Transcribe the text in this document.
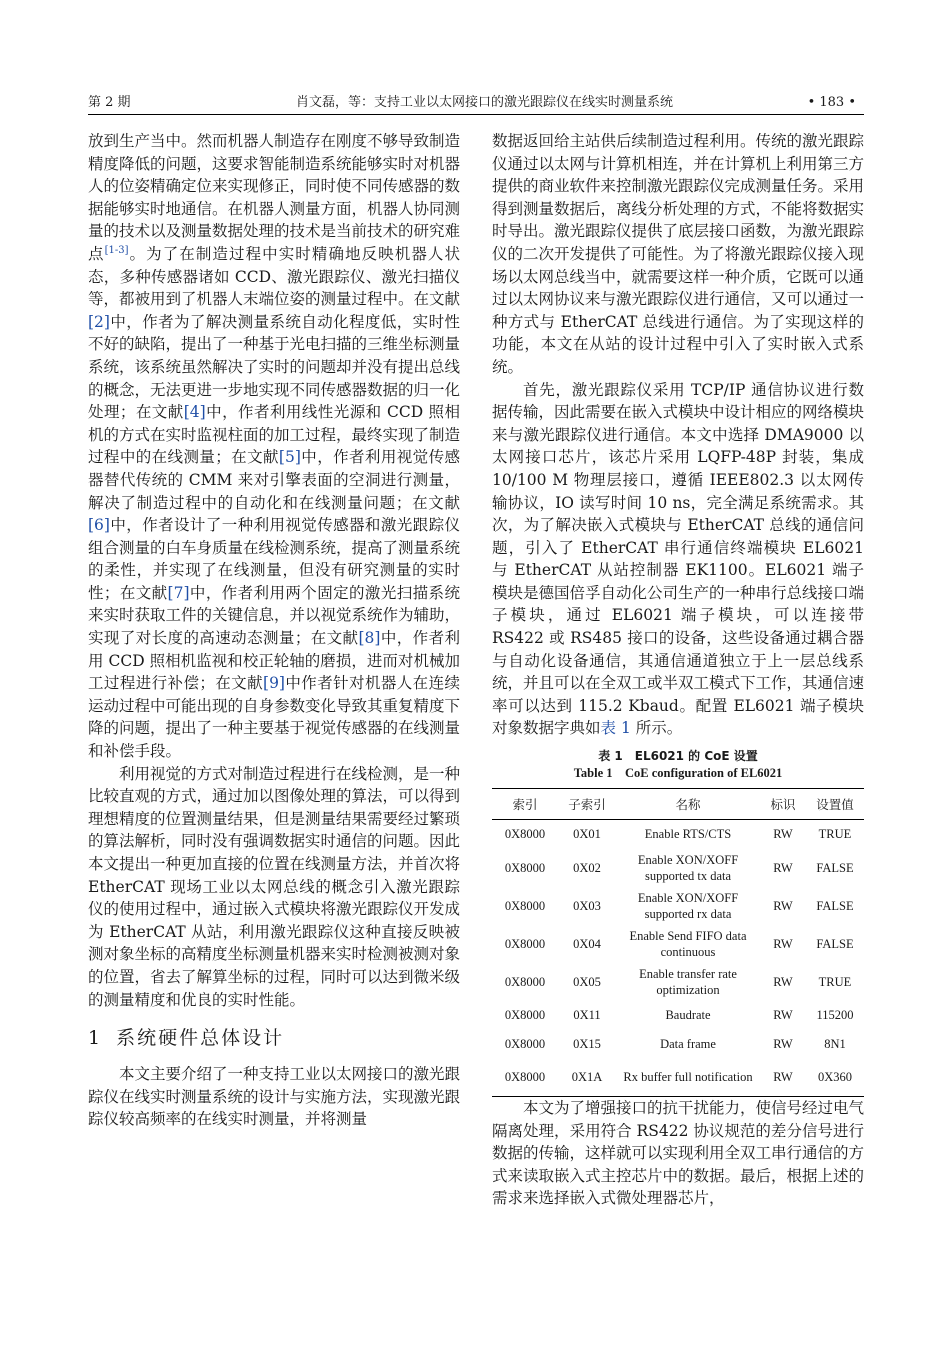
第 2 期	肖文磊，等：支持工业以太网接口的激光跟踪仪在线实时测量系统	• 183 •

放到生产当中。然而机器人制造存在刚度不够导致制造精度降低的问题，这要求智能制造系统能够实时对机器人的位姿精确定位来实现修正，同时使不同传感器的数据能够实时地通信。在机器人测量方面，机器人协同测量的技术以及测量数据处理的技术是当前技术的研究难点[1-3]。为了在制造过程中实时精确地反映机器人状态，多种传感器诸如 CCD、激光跟踪仪、激光扫描仪等，都被用到了机器人末端位姿的测量过程中。在文献[2]中，作者为了解决测量系统自动化程度低，实时性不好的缺陷，提出了一种基于光电扫描的三维坐标测量系统，该系统虽然解决了实时的问题却并没有提出总线的概念，无法更进一步地实现不同传感器数据的归一化处理；在文献[4]中，作者利用线性光源和 CCD 照相机的方式在实时监视柱面的加工过程，最终实现了制造过程中的在线测量；在文献[5]中，作者利用视觉传感器替代传统的 CMM 来对引擎表面的空洞进行测量，解决了制造过程中的自动化和在线测量问题；在文献[6]中，作者设计了一种利用视觉传感器和激光跟踪仪组合测量的白车身质量在线检测系统，提高了测量系统的柔性，并实现了在线测量，但没有研究测量的实时性；在文献[7]中，作者利用两个固定的激光扫描系统来实时获取工件的关键信息，并以视觉系统作为辅助，实现了对长度的高速动态测量；在文献[8]中，作者利用 CCD 照相机监视和校正轮轴的磨损，进而对机械加工过程进行补偿；在文献[9]中作者针对机器人在连续运动过程中可能出现的自身参数变化导致其重复精度下降的问题，提出了一种主要基于视觉传感器的在线测量和补偿手段。

利用视觉的方式对制造过程进行在线检测，是一种比较直观的方式，通过加以图像处理的算法，可以得到理想精度的位置测量结果，但是测量结果需要经过繁琐的算法解析，同时没有强调数据实时通信的问题。因此本文提出一种更加直接的位置在线测量方法，并首次将 EtherCAT 现场工业以太网总线的概念引入激光跟踪仪的使用过程中，通过嵌入式模块将激光跟踪仪开发成为 EtherCAT 从站，利用激光跟踪仪这种直接反映被测对象坐标的高精度坐标测量机器来实时检测被测对象的位置，省去了解算坐标的过程，同时可以达到微米级的测量精度和优良的实时性能。

1 系统硬件总体设计

本文主要介绍了一种支持工业以太网接口的激光跟踪仪在线实时测量系统的设计与实施方法，实现激光跟踪仪较高频率的在线实时测量，并将测量

数据返回给主站供后续制造过程利用。传统的激光跟踪仪通过以太网与计算机相连，并在计算机上利用第三方提供的商业软件来控制激光跟踪仪完成测量任务。采用得到测量数据后，离线分析处理的方式，不能将数据实时导出。激光跟踪仪提供了底层接口函数，为激光跟踪仪的二次开发提供了可能性。为了将激光跟踪仪接入现场以太网总线当中，就需要这样一种介质，它既可以通过以太网协议来与激光跟踪仪进行通信，又可以通过一种方式与 EtherCAT 总线进行通信。为了实现这样的功能，本文在从站的设计过程中引入了实时嵌入式系统。

首先，激光跟踪仪采用 TCP/IP 通信协议进行数据传输，因此需要在嵌入式模块中设计相应的网络模块来与激光跟踪仪进行通信。本文中选择 DMA9000 以太网接口芯片，该芯片采用 LQFP-48P 封装，集成 10/100 M 物理层接口，遵循 IEEE802.3 以太网传输协议，IO 读写时间 10 ns，完全满足系统需求。其次，为了解决嵌入式模块与 EtherCAT 总线的通信问题，引入了 EtherCAT 串行通信终端模块 EL6021 与 EtherCAT 从站控制器 EK1100。EL6021 端子模块是德国倍孚自动化公司生产的一种串行总线接口端子模块，通过 EL6021 端子模块，可以连接带 RS422 或 RS485 接口的设备，这些设备通过耦合器与自动化设备通信，其通信通道独立于上一层总线系统，并且可以在全双工或半双工模式下工作，其通信速率可以达到 115.2 Kbaud。配置 EL6021 端子模块对象数据字典如表 1 所示。

表 1　EL6021 的 CoE 设置
Table 1　CoE configuration of EL6021
索引	子索引	名称	标识	设置值
0X8000	0X01	Enable RTS/CTS	RW	TRUE
0X8000	0X02	Enable XON/XOFF supported tx data	RW	FALSE
0X8000	0X03	Enable XON/XOFF supported rx data	RW	FALSE
0X8000	0X04	Enable Send FIFO data continuous	RW	FALSE
0X8000	0X05	Enable transfer rate optimization	RW	TRUE
0X8000	0X11	Baudrate	RW	115200
0X8000	0X15	Data frame	RW	8N1
0X8000	0X1A	Rx buffer full notification	RW	0X360

本文为了增强接口的抗干扰能力，使信号经过电气隔离处理，采用符合 RS422 协议规范的差分信号进行数据的传输，这样就可以实现利用全双工串行通信的方式来读取嵌入式主控芯片中的数据。最后，根据上述的需求来选择嵌入式微处理器芯片，
